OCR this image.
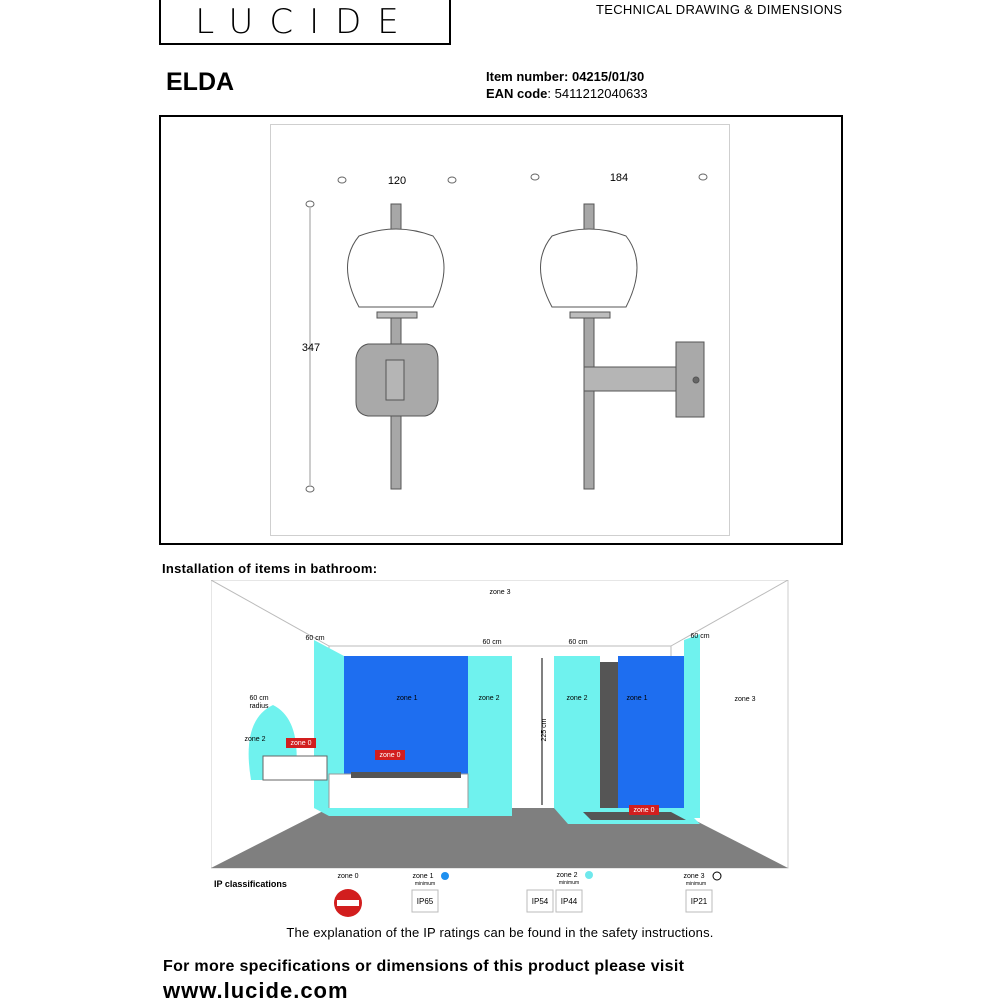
LUCIDE	TECHNICAL DRAWING & DIMENSIONS
ELDA	Item number: 04215/01/30
EAN code: 5411212040633
120	184
347
Installation of items in bathroom:
zone 3
zone 3
60 cm
60 cm	60 cm
60 cm
60 cm
radius
zone 2
zone 1	zone 2	zone 2	zone 1
225 cm
zone 0
zone 0
zone 0
IP classifications
zone 0	zone 1
minimum
zone 2
minimum
zone 3
minimum
IP65	IP54 IP44	IP21
The explanation of the IP ratings can be found in the safety instructions.
For more specifications or dimensions of this product please visit
www.lucide.com
